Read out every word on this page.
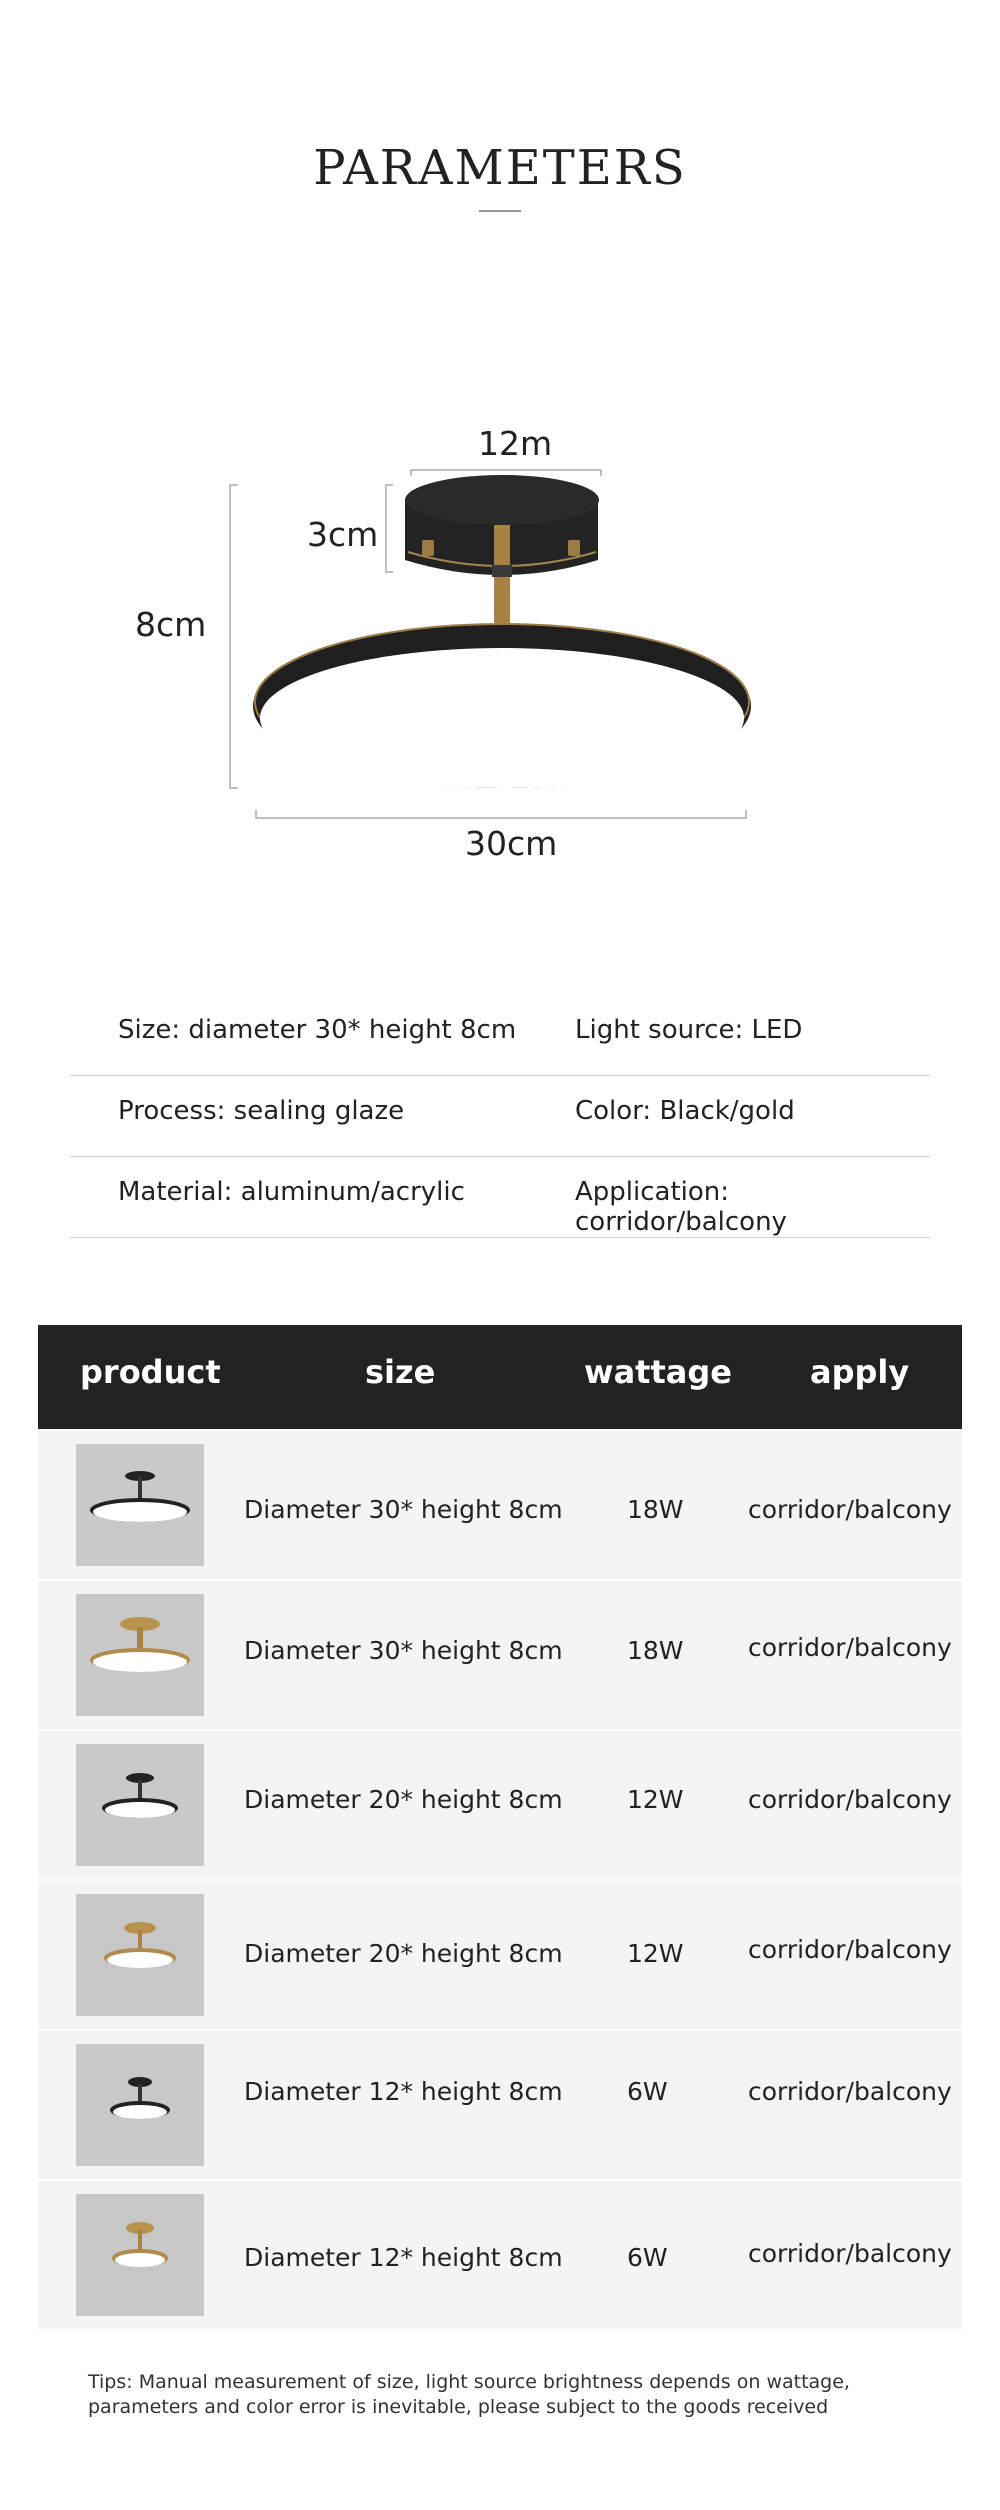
PARAMETERS
12m
3cm
8cm
30cm
Size: diameter 30* height 8cm Light source: LED
Process: sealing glaze	Color: Black/gold
Material: aluminum/acrylic	Application: corridor/balcony
product	size	wattage apply
Diameter 30* height 8cm	18W	corridor/balcony
Diameter 30* height 8cm	18W	corridor/balcony
Diameter 20* height 8cm	12W	corridor/balcony
Diameter 20* height 8cm	12W	corridor/balcony
Diameter 12* height 8cm	6W	corridor/balcony
Diameter 12* height 8cm	6W	corridor/balcony
Tips: Manual measurement of size, light source brightness depends on wattage, parameters and color error is inevitable, please subject to the goods received
